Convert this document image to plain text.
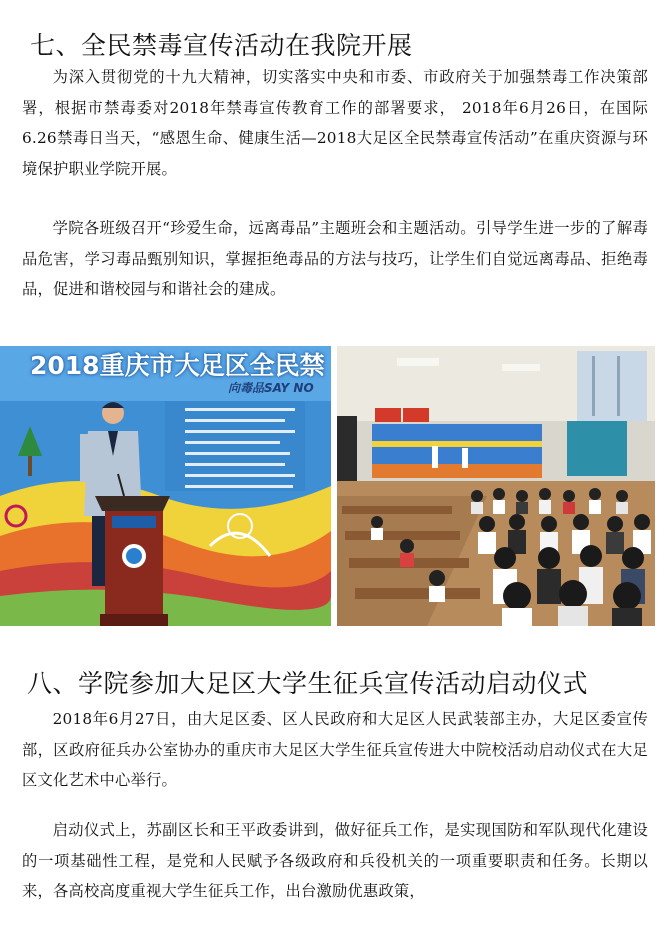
七、全民禁毒宣传活动在我院开展

为深入贯彻党的十九大精神，切实落实中央和市委、市政府关于加强禁毒工作决策部署，根据市禁毒委对2018年禁毒宣传教育工作的部署要求， 2018年6月26日，在国际6.26禁毒日当天，“感恩生命、健康生活—2018大足区全民禁毒宣传活动”在重庆资源与环境保护职业学院开展。

学院各班级召开“珍爱生命，远离毒品”主题班会和主题活动。引导学生进一步的了解毒品危害，学习毒品甄别知识，掌握拒绝毒品的方法与技巧，让学生们自觉远离毒品、拒绝毒品，促进和谐校园与和谐社会的建成。

2018重庆市大足区全民禁
向毒品SAY NO
八、学院参加大足区大学生征兵宣传活动启动仪式

2018年6月27日，由大足区委、区人民政府和大足区人民武装部主办，大足区委宣传部，区政府征兵办公室协办的重庆市大足区大学生征兵宣传进大中院校活动启动仪式在大足区文化艺术中心举行。

启动仪式上，苏副区长和王平政委讲到，做好征兵工作，是实现国防和军队现代化建设的一项基础性工程，是党和人民赋予各级政府和兵役机关的一项重要职责和任务。长期以来，各高校高度重视大学生征兵工作，出台激励优惠政策，
